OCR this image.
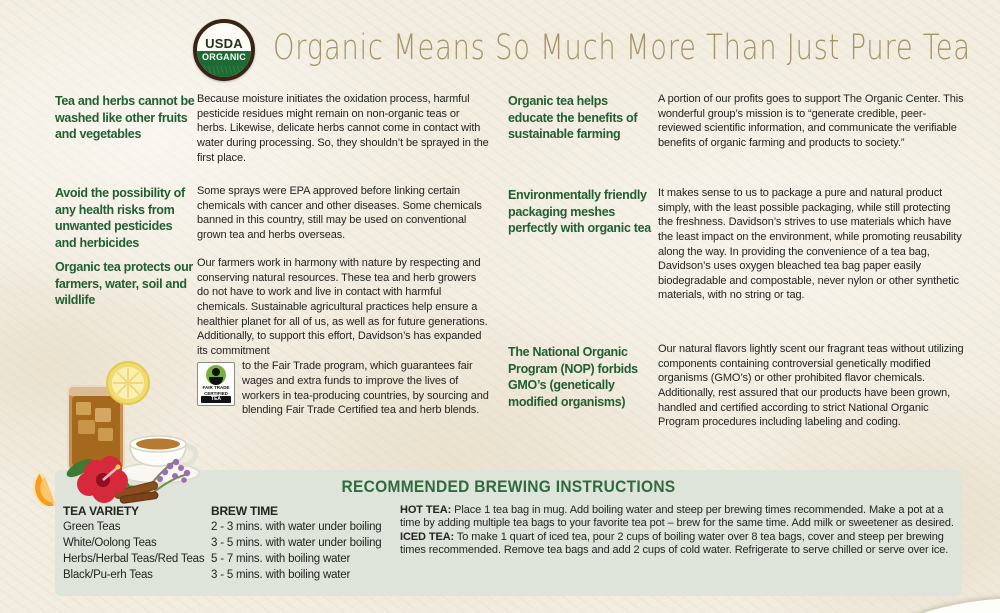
USDA
ORGANIC Organic Means So Much More Than Just Pure Tea
Tea and herbs cannot be washed like other fruits and vegetables
Avoid the possibility of any health risks from unwanted pesticides and herbicides
Organic tea protects our farmers, water, soil and wildlife
Because moisture initiates the oxidation process, harmful pesticide residues might remain on non-organic teas or herbs. Likewise, delicate herbs cannot come in contact with water during processing. So, they shouldn’t be sprayed in the first place.
Some sprays were EPA approved before linking certain chemicals with cancer and other diseases. Some chemicals banned in this country, still may be used on conventional grown tea and herbs overseas.
Our farmers work in harmony with nature by respecting and conserving natural resources. These tea and herb growers do not have to work and live in contact with harmful chemicals. Sustainable agricultural practices help ensure a healthier planet for all of us, as well as for future generations. Additionally, to support this effort, Davidson’s has expanded its commitment
FAIR TRADE
CERTIFIED
TEA
to the Fair Trade program, which guarantees fair wages and extra funds to improve the lives of workers in tea-producing countries, by sourcing and blending Fair Trade Certified tea and herb blends.
Organic tea helps educate the benefits of sustainable farming
Environmentally friendly packaging meshes perfectly with organic tea
The National Organic Program (NOP) forbids GMO’s (genetically modified organisms)
A portion of our profits goes to support The Organic Center. This wonderful group’s mission is to “generate credible, peer-reviewed scientific information, and communicate the verifiable benefits of organic farming and products to society.”
It makes sense to us to package a pure and natural product simply, with the least possible packaging, while still protecting the freshness. Davidson’s strives to use materials which have the least impact on the environment, while promoting reusability along the way. In providing the convenience of a tea bag, Davidson’s uses oxygen bleached tea bag paper easily biodegradable and compostable, never nylon or other synthetic materials, with no string or tag.
Our natural flavors lightly scent our fragrant teas without utilizing components containing controversial genetically modified organisms (GMO’s) or other prohibited flavor chemicals. Additionally, rest assured that our products have been grown, handled and certified according to strict National Organic Program procedures including labeling and coding.
RECOMMENDED BREWING INSTRUCTIONS
TEA VARIETY	BREW TIME
Green Teas	2 - 3 mins. with water under boiling
White/Oolong Teas	3 - 5 mins. with water under boiling
Herbs/Herbal Teas/Red Teas 5 - 7 mins. with boiling water
Black/Pu-erh Teas	3 - 5 mins. with boiling water
HOT TEA: Place 1 tea bag in mug. Add boiling water and steep per brewing times recommended. Make a pot at a time by adding multiple tea bags to your favorite tea pot – brew for the same time. Add milk or sweetener as desired.
ICED TEA: To make 1 quart of iced tea, pour 2 cups of boiling water over 8 tea bags, cover and steep per brewing times recommended. Remove tea bags and add 2 cups of cold water. Refrigerate to serve chilled or serve over ice.
